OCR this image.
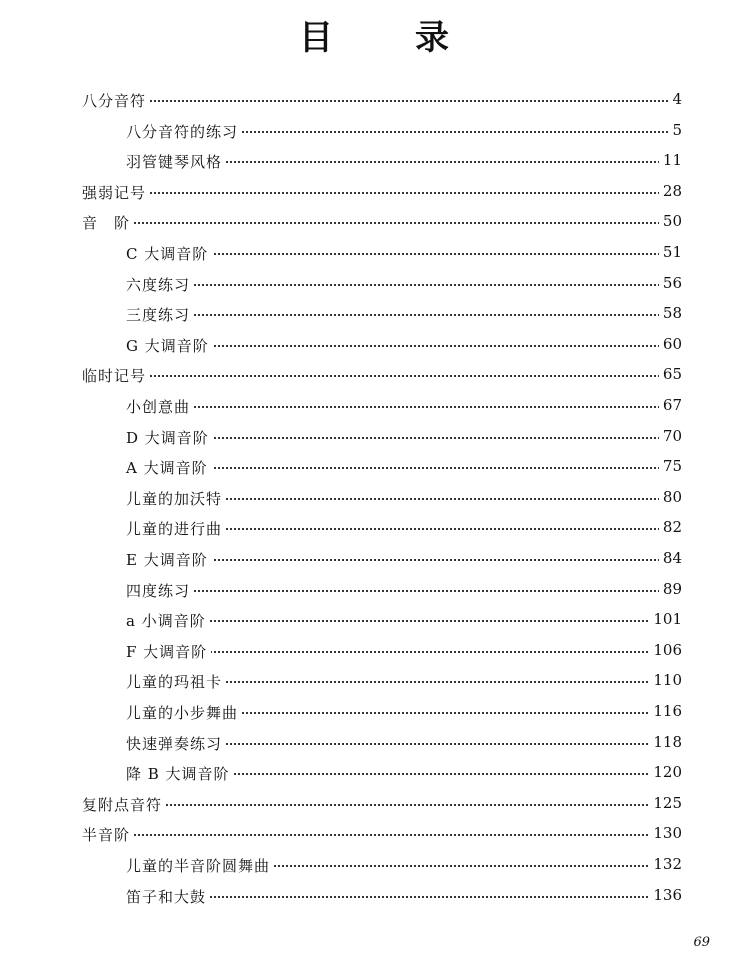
目 录
八分音符	4
八分音符的练习	5
羽管键琴风格	11
强弱记号	28
音　阶	50
C 大调音阶	51
六度练习	56
三度练习	58
G 大调音阶	60
临时记号	65
小创意曲	67
D 大调音阶	70
A 大调音阶	75
儿童的加沃特	80
儿童的进行曲	82
E 大调音阶	84
四度练习	89
a 小调音阶	101
F 大调音阶	106
儿童的玛祖卡	110
儿童的小步舞曲	116
快速弹奏练习	118
降 B 大调音阶	120
复附点音符	125
半音阶	130
儿童的半音阶圆舞曲	132
笛子和大鼓	136
69
